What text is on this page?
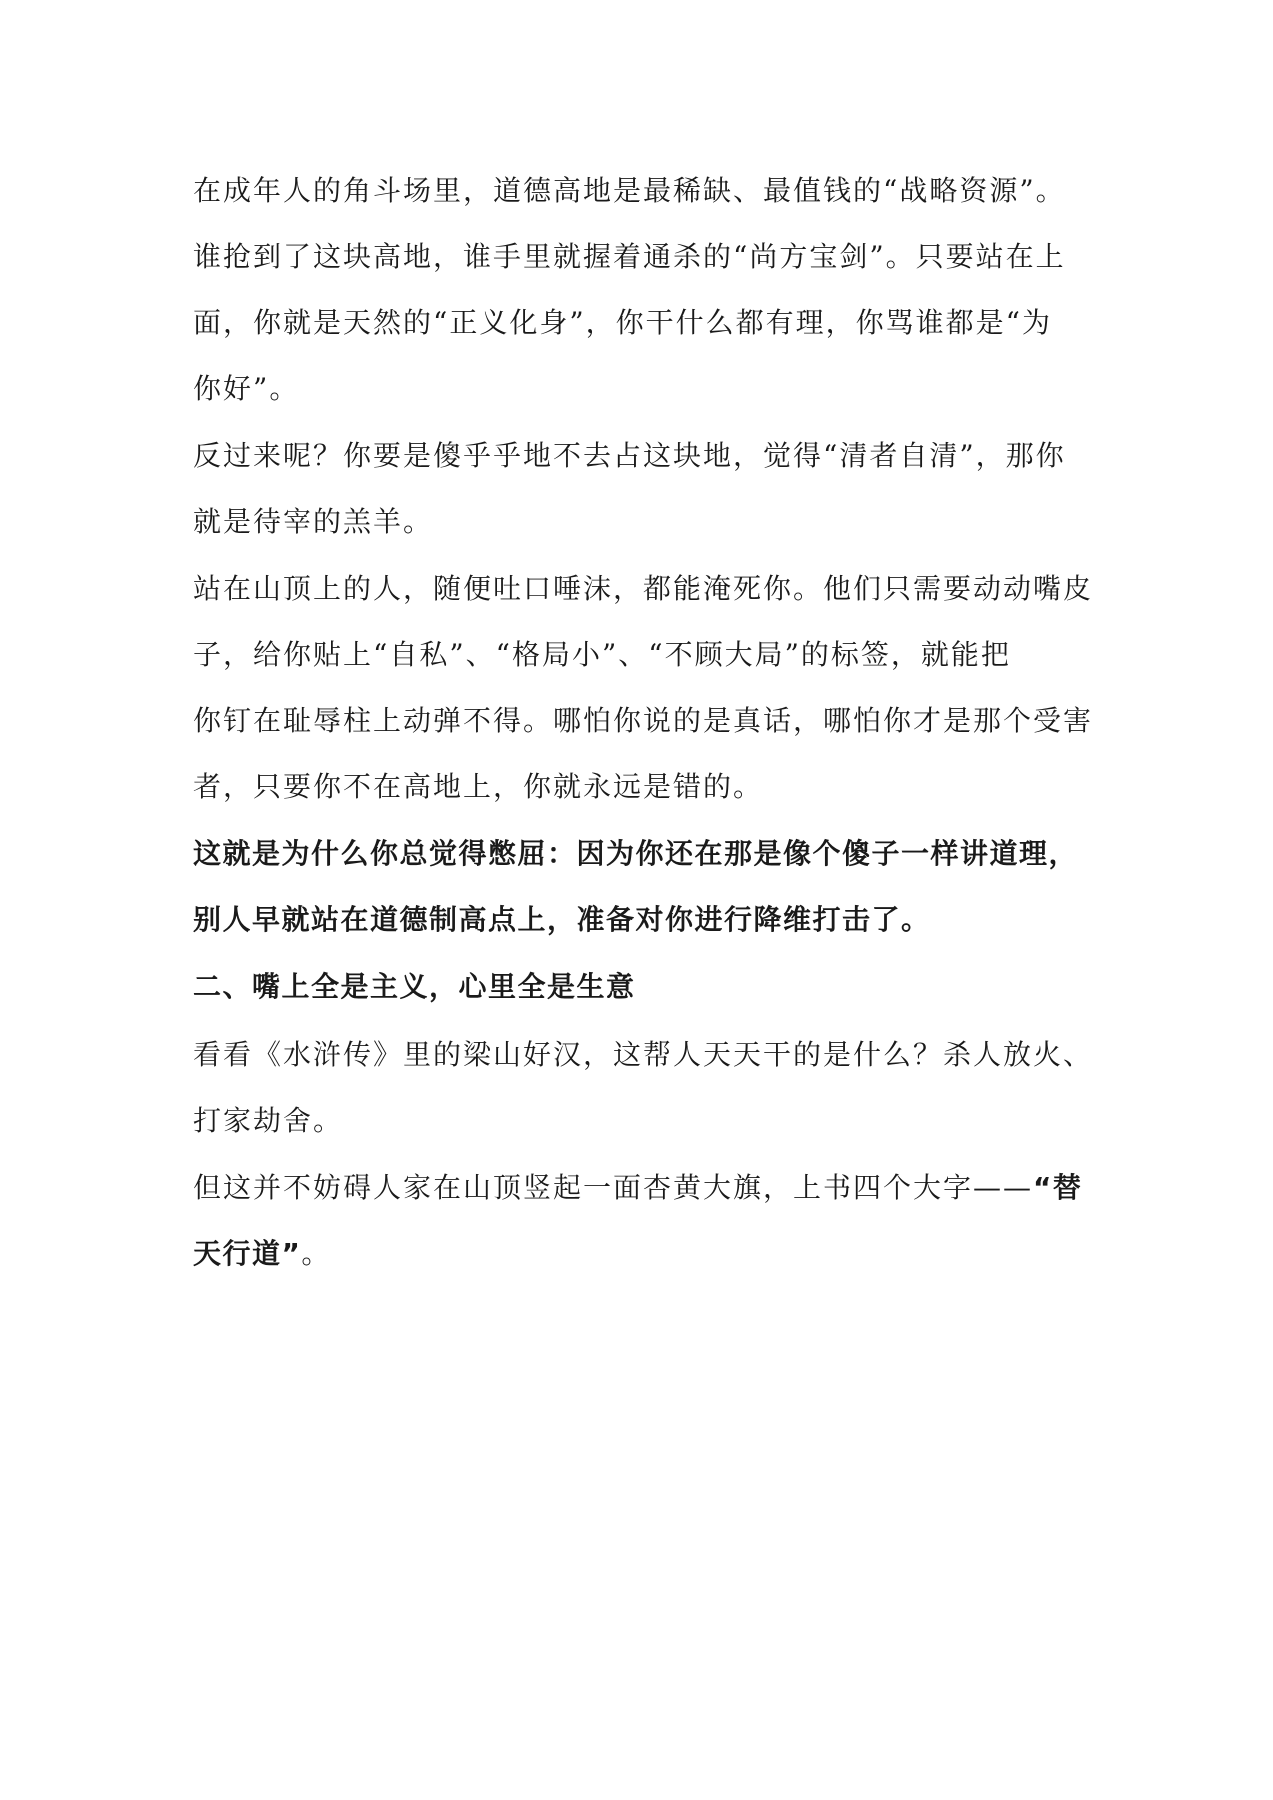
在成年人的角斗场里，道德高地是最稀缺、最值钱的“战略资源”。
谁抢到了这块高地，谁手里就握着通杀的“尚方宝剑”。只要站在上
面，你就是天然的“正义化身”，你干什么都有理，你骂谁都是“为
你好”。
反过来呢？你要是傻乎乎地不去占这块地，觉得“清者自清”，那你
就是待宰的羔羊。
站在山顶上的人，随便吐口唾沫，都能淹死你。他们只需要动动嘴皮
子，给你贴上“自私”、“格局小”、“不顾大局”的标签，就能把
你钉在耻辱柱上动弹不得。哪怕你说的是真话，哪怕你才是那个受害
者，只要你不在高地上，你就永远是错的。
这就是为什么你总觉得憋屈：因为你还在那是像个傻子一样讲道理，
别人早就站在道德制高点上，准备对你进行降维打击了。
二、嘴上全是主义，心里全是生意
看看《水浒传》里的梁山好汉，这帮人天天干的是什么？杀人放火、
打家劫舍。
但这并不妨碍人家在山顶竖起一面杏黄大旗，上书四个大字——“替
天行道”。
